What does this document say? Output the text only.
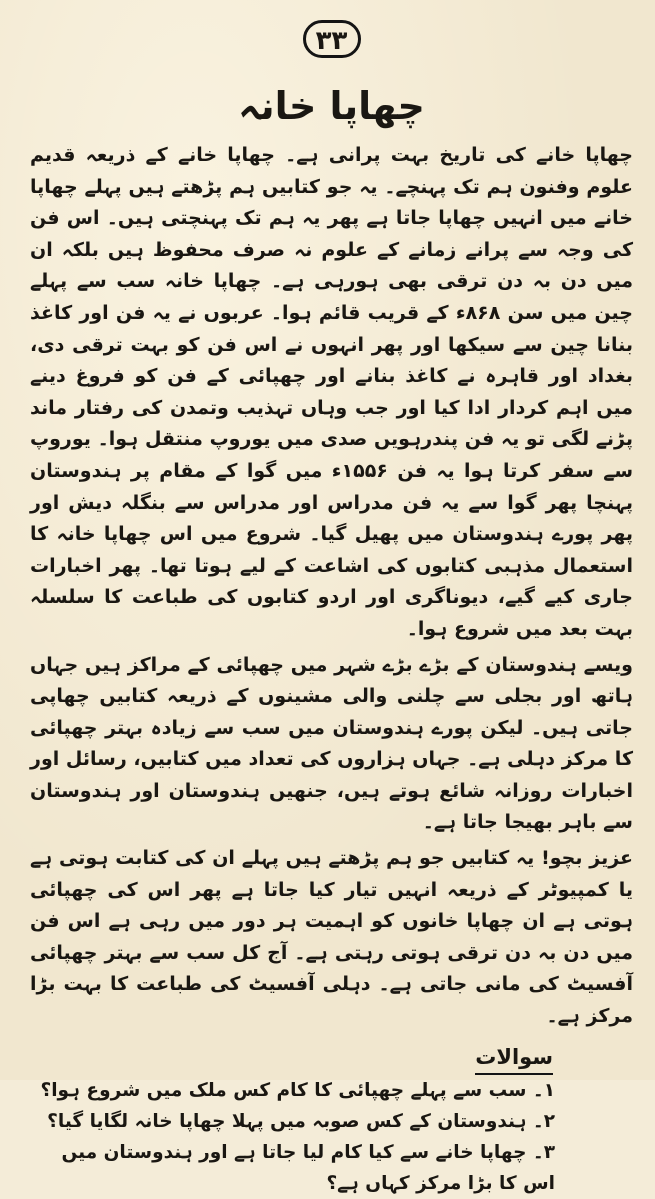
۳۳
چھاپا خانہ

چھاپا خانے کی تاریخ بہت پرانی ہے۔ چھاپا خانے کے ذریعہ قدیم علوم وفنون ہم تک پہنچے۔ یہ جو کتابیں ہم پڑھتے ہیں پہلے چھاپا خانے میں انہیں چھاپا جاتا ہے پھر یہ ہم تک پہنچتی ہیں۔ اس فن کی وجہ سے پرانے زمانے کے علوم نہ صرف محفوظ ہیں بلکہ ان میں دن بہ دن ترقی بھی ہورہی ہے۔ چھاپا خانہ سب سے پہلے چین میں سن ۸۶۸ء کے قریب قائم ہوا۔ عربوں نے یہ فن اور کاغذ بنانا چین سے سیکھا اور پھر انہوں نے اس فن کو بہت ترقی دی، بغداد اور قاہرہ نے کاغذ بنانے اور چھپائی کے فن کو فروغ دینے میں اہم کردار ادا کیا اور جب وہاں تہذیب وتمدن کی رفتار ماند پڑنے لگی تو یہ فن پندرہویں صدی میں یوروپ منتقل ہوا۔ یوروپ سے سفر کرتا ہوا یہ فن ۱۵۵۶ء میں گوا کے مقام پر ہندوستان پہنچا پھر گوا سے یہ فن مدراس اور مدراس سے بنگلہ دیش اور پھر پورے ہندوستان میں پھیل گیا۔ شروع میں اس چھاپا خانہ کا استعمال مذہبی کتابوں کی اشاعت کے لیے ہوتا تھا۔ پھر اخبارات جاری کیے گیے، دیوناگری اور اردو کتابوں کی طباعت کا سلسلہ بہت بعد میں شروع ہوا۔

ویسے ہندوستان کے بڑے بڑے شہر میں چھپائی کے مراکز ہیں جہاں ہاتھ اور بجلی سے چلنی والی مشینوں کے ذریعہ کتابیں چھاپی جاتی ہیں۔ لیکن پورے ہندوستان میں سب سے زیادہ بہتر چھپائی کا مرکز دہلی ہے۔ جہاں ہزاروں کی تعداد میں کتابیں، رسائل اور اخبارات روزانہ شائع ہوتے ہیں، جنھیں ہندوستان اور ہندوستان سے باہر بھیجا جاتا ہے۔

عزیز بچو! یہ کتابیں جو ہم پڑھتے ہیں پہلے ان کی کتابت ہوتی ہے یا کمپیوٹر کے ذریعہ انہیں تیار کیا جاتا ہے پھر اس کی چھپائی ہوتی ہے ان چھاپا خانوں کو اہمیت ہر دور میں رہی ہے اس فن میں دن بہ دن ترقی ہوتی رہتی ہے۔ آج کل سب سے بہتر چھپائی آفسیٹ کی مانی جاتی ہے۔ دہلی آفسیٹ کی طباعت کا بہت بڑا مرکز ہے۔

سوالات

۱۔ سب سے پہلے چھپائی کا کام کس ملک میں شروع ہوا؟

۲۔ ہندوستان کے کس صوبہ میں پہلا چھاپا خانہ لگایا گیا؟

۳۔ چھاپا خانے سے کیا کام لیا جاتا ہے اور ہندوستان میں اس کا بڑا مرکز کہاں ہے؟
